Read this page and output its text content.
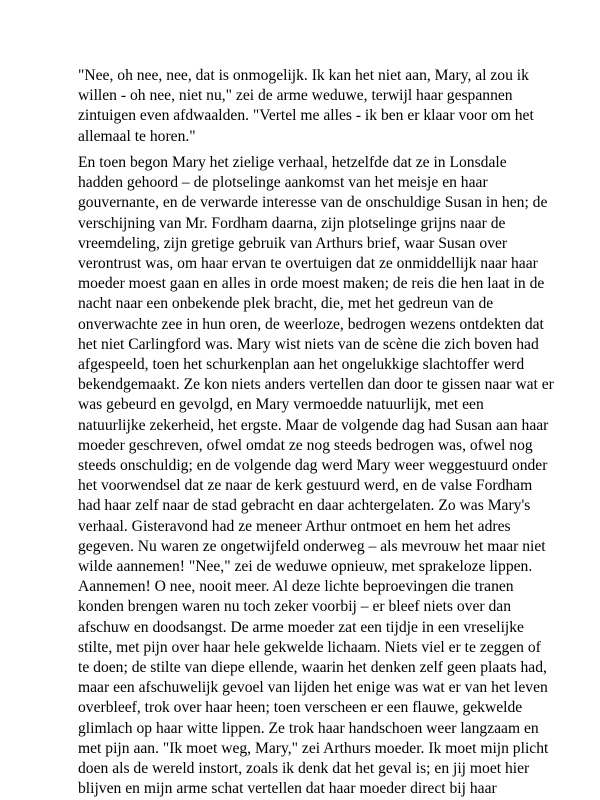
"Nee, oh nee, nee, dat is onmogelijk. Ik kan het niet aan, Mary, al zou ik
willen - oh nee, niet nu," zei de arme weduwe, terwijl haar gespannen
zintuigen even afdwaalden. "Vertel me alles - ik ben er klaar voor om het
allemaal te horen."

En toen begon Mary het zielige verhaal, hetzelfde dat ze in Lonsdale
hadden gehoord – de plotselinge aankomst van het meisje en haar
gouvernante, en de verwarde interesse van de onschuldige Susan in hen; de
verschijning van Mr. Fordham daarna, zijn plotselinge grijns naar de
vreemdeling, zijn gretige gebruik van Arthurs brief, waar Susan over
verontrust was, om haar ervan te overtuigen dat ze onmiddellijk naar haar
moeder moest gaan en alles in orde moest maken; de reis die hen laat in de
nacht naar een onbekende plek bracht, die, met het gedreun van de
onverwachte zee in hun oren, de weerloze, bedrogen wezens ontdekten dat
het niet Carlingford was. Mary wist niets van de scène die zich boven had
afgespeeld, toen het schurkenplan aan het ongelukkige slachtoffer werd
bekendgemaakt. Ze kon niets anders vertellen dan door te gissen naar wat er
was gebeurd en gevolgd, en Mary vermoedde natuurlijk, met een
natuurlijke zekerheid, het ergste. Maar de volgende dag had Susan aan haar
moeder geschreven, ofwel omdat ze nog steeds bedrogen was, ofwel nog
steeds onschuldig; en de volgende dag werd Mary weer weggestuurd onder
het voorwendsel dat ze naar de kerk gestuurd werd, en de valse Fordham
had haar zelf naar de stad gebracht en daar achtergelaten. Zo was Mary's
verhaal. Gisteravond had ze meneer Arthur ontmoet en hem het adres
gegeven. Nu waren ze ongetwijfeld onderweg – als mevrouw het maar niet
wilde aannemen! "Nee," zei de weduwe opnieuw, met sprakeloze lippen.
Aannemen! O nee, nooit meer. Al deze lichte beproevingen die tranen
konden brengen waren nu toch zeker voorbij – er bleef niets over dan
afschuw en doodsangst. De arme moeder zat een tijdje in een vreselijke
stilte, met pijn over haar hele gekwelde lichaam. Niets viel er te zeggen of
te doen; de stilte van diepe ellende, waarin het denken zelf geen plaats had,
maar een afschuwelijk gevoel van lijden het enige was wat er van het leven
overbleef, trok over haar heen; toen verscheen er een flauwe, gekwelde
glimlach op haar witte lippen. Ze trok haar handschoen weer langzaam en
met pijn aan. "Ik moet weg, Mary," zei Arthurs moeder. Ik moet mijn plicht
doen als de wereld instort, zoals ik denk dat het geval is; en jij moet hier
blijven en mijn arme schat vertellen dat haar moeder direct bij haar
